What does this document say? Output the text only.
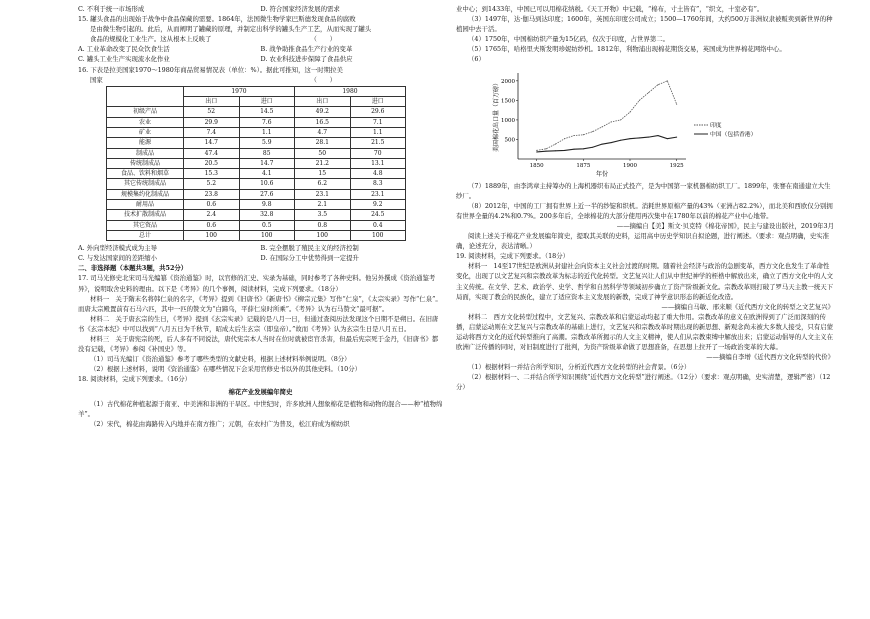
C. 不利于统一市场形成	D. 符合国家经济发展的需求

15. 罐头食品的出现始于战争中食品保藏的需要。1864年，法国微生物学家巴斯德发现食品的腐败

是由微生物引起的。此后，从而阐明了罐藏的原理，并制定出科学的罐头生产工艺，从而实现了罐头

食品的规模化工业生产。这从根本上反映了　　　　　　　　　　　　　　　　（　　）

A. 工业革命改变了民众饮食生活	B. 战争助推食品生产行业的变革
C. 罐头工业生产实现流水化作业	D. 农业科技进步保障了食品供应

16. 下表是拉美国家1970～1980年商品贸易情况表（单位：%）。据此可推知，这一时期拉美

国家　　　　　　　　　　　　　　　　　　　　　　　　　　　　　　　　　（　　）

	1970		1980	
	出口	进口	出口	进口
初级产品	52	14.5	49.2	29.6
农业	29.9	7.6	16.5	7.1
矿业	7.4	1.1	4.7	1.1
能源	14.7	5.9	28.1	21.5
制成品	47.4	85	50	70
传统制成品	20.5	14.7	21.2	13.1
食品、饮料和烟草	15.3	4.1	15	4.8
其它传统制成品	5.2	10.6	6.2	8.3
规模集约化制成品	23.8	27.6	23.1	23.1
耐用品	0.6	9.8	2.1	9.2
技术扩散制成品	2.4	32.8	3.5	24.5
其它资品	0.6	0.5	0.8	0.4
总计	100	100	100	100
A. 外向型经济模式成为主导	B. 完全摆脱了殖民主义的经济控制
C. 与发达国家间的差距缩小	D. 在国际分工中优势得到一定提升

二、非选择题（本题共3题，共52分）

17. 司马光修史北宋司马光编纂《资治通鉴》时，以官修的汇史、实录为基础，同时参考了各种史料。他另外撰成《资治通鉴考异》，说明取舍史料的理由。以下是《考异》的几个事例，阅读材料，完成下列要求。（18分）

材料一　关于隋末名将韩仁泉的名字，《考异》提到《旧唐书》《新唐书》《柳宗元集》写作“仁泉”，《太宗实录》写作“仁泉”。而唐太宗殿置前有石马六匹，其中一匹的赞文为“白蹄乌，平薛仁泉时所乘”。《考异》认为石马赞文“最可据”。

材料二　关于唐玄宗的生日，《考异》提到《玄宗实录》记载的是八月一日，但通过查阅历法发现这个日期不是朔日。在旧唐书《玄宗本纪》中可以找到“八月五日为千秋节，昭成太后生玄宗（即皇帝）。”故而《考异》认为玄宗生日是八月五日。

材料三　关于唐宪宗的死，后人多有不同说法，唐代宪宗本人当时在位时就被宦官杀害，但最后宪宗死于金丹，《旧唐书》都没有记载，《考异》参阅《补国史》等。

（1）司马光编订《资治通鉴》参考了哪些类型的文献史料，根据上述材料举例说明。（8分）

（2）根据上述材料，说明《资治通鉴》在哪些情况下会采用官修史书以外的其他史料。（10分）

18. 阅读材料，完成下列要求。（16分）

棉花产业发展编年简史

（1）古代棉花种植起源于南亚、中美洲和非洲的干旱区。中世纪时，许多欧洲人想象棉花是植物和动物的混合——种“植物绵羊”。

（2）宋代，棉花由海路传入内地并在南方推广；元朝，在农村广为普及，松江府成为棉纺织

业中心；到1433年，中国已可以用棉花纳税。《天工开物》中记载，“棉布，寸土皆有”，“织文，十室必有”。

（3）1497年，达·伽马到达印度；1600年，英国东印度公司成立；1500—1760年间，大约500万非洲奴隶被贩卖到新世界的种植园中去干活。

（4）1750年，中国棉纺织产量为15亿码，仅次于印度，占世界第二。

（5）1765年，哈格里夫斯发明珍妮纺纱机。1812年，利物浦出现棉花期货交易，英国成为世界棉花网络中心。

（6）

500
1000
1500
2000
1850	1875	1900	1925
年份
美国棉花出口量（百万磅）	印度
中国（包括香港）

（7）1889年，由李鸿章主持筹办的上海机器织布局正式投产，是为中国第一家机器棉纺织工厂。1899年，张謇在南通建立大生纱厂。

（8）2012年，中国的工厂拥有世界上近一半的纱锭和织机。消耗世界原棉产量的43%（亚洲占82.2%），而北美和西欧仅分别拥有世界全量的4.2%和0.7%。200多年后，全球棉花的大部分使用再次集中在1780年以前的棉花产业中心地带。

——摘编自【美】斯文·贝克特《棉花帝国》，民主与建设出版社，2019年3月

阅读上述关于棉花产业发展编年简史，提取其关联的史料，运用高中历史学知识自拟论题，进行阐述。（要求：观点明确，史实准确，论述充分，表达清晰。）

19. 阅读材料，完成下列要求。（18分）

材料一　14至17世纪是欧洲从封建社会向资本主义社会过渡的时期。随着社会经济与政治的急剧变革，西方文化也发生了革命性变化，出现了以文艺复兴和宗教改革为标志的近代化转型。文艺复兴让人们从中世纪神学的桎梏中解放出来，确立了西方文化中的人文主义传统。在文学、艺术、政治学、史学、哲学和自然科学等领域初步确立了资产阶级新文化。宗教改革则打破了罗马天主教一统天下局面，实现了教会的民族化，建立了适应资本主义发展的新教，完成了神学意识形态的新近化改造。

——摘编自马敏、邢来顺《近代西方文化的转型之文艺复兴》

材料二　西方文化转型过程中，文艺复兴、宗教改革和启蒙运动均起了重大作用。宗教改革的意义在欧洲得到了广泛而深刻的传播，启蒙运动则在文艺复兴与宗教改革的基础上进行，文艺复兴和宗教改革时期出现的新思想、新观念尚未被大多数人接受，只有启蒙运动将西方文化的近代转型推向了高潮。宗教改革所揭示的人文主义精神，使人们从宗教束缚中解放出来；启蒙运动倡导的人文主义在欧洲广泛传播的同时，对旧制度进行了批判，为资产阶级革命做了思想准备，在思想上拉开了一场政治变革的大幕。

——摘编自李增《近代西方文化转型的代价》

（1）根据材料一并结合所学知识，分析近代西方文化转型的社会背景。（6分）

（2）根据材料一、二并结合所学知识围绕“近代西方文化转型”进行阐述。（12分）（要求：观点明确，史实清楚，逻辑严密）（12分）
